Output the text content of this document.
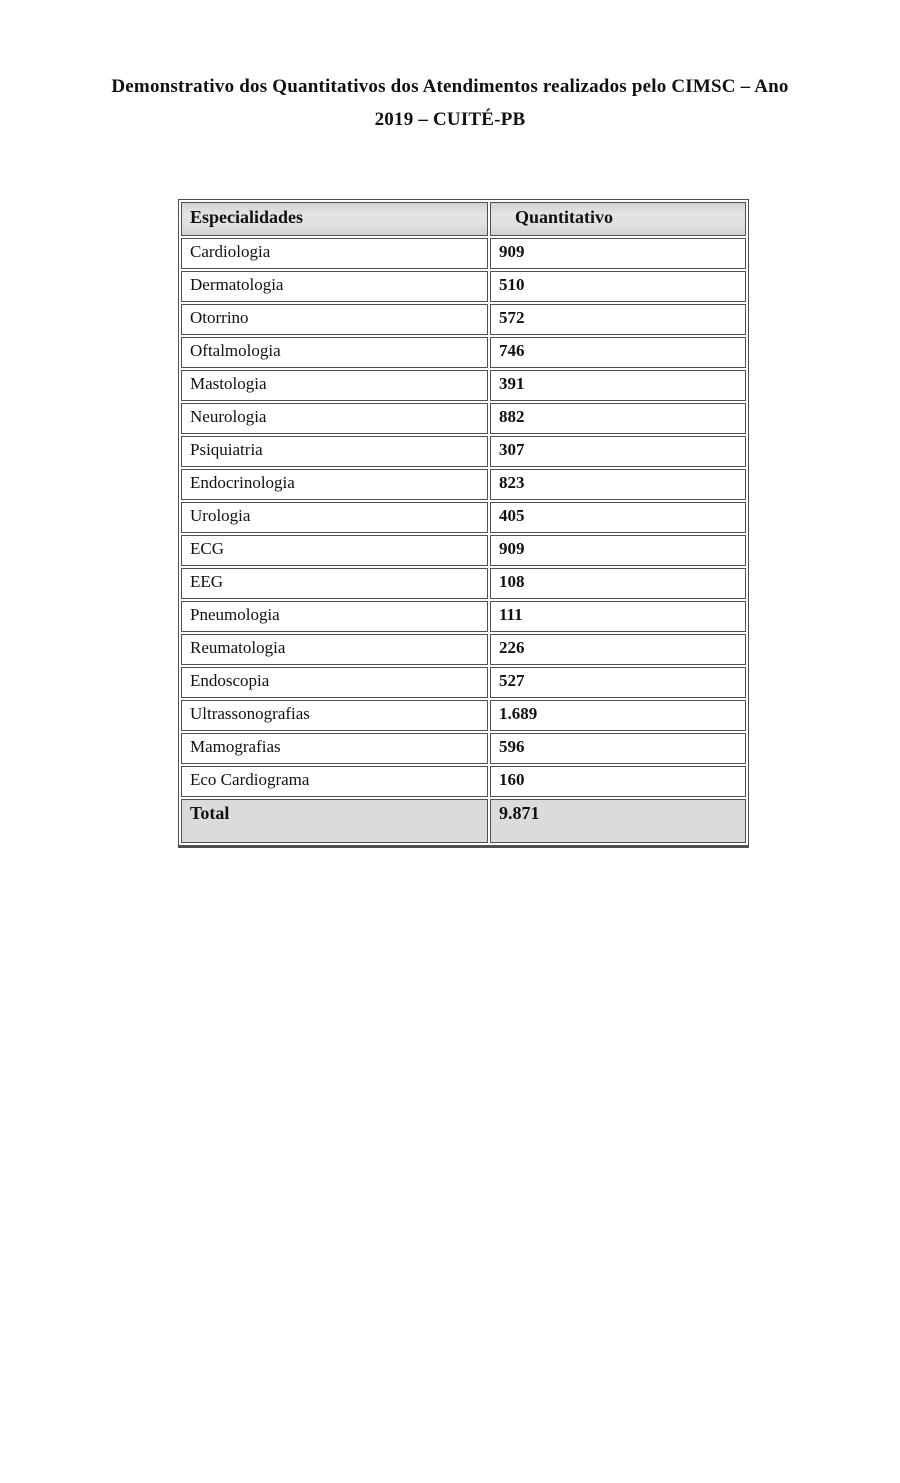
Demonstrativo dos Quantitativos dos Atendimentos realizados pelo CIMSC – Ano
2019 – CUITÉ-PB
Especialidades	Quantitativo
Cardiologia	909
Dermatologia	510
Otorrino	572
Oftalmologia	746
Mastologia	391
Neurologia	882
Psiquiatria	307
Endocrinologia	823
Urologia	405
ECG	909
EEG	108
Pneumologia	111
Reumatologia	226
Endoscopia	527
Ultrassonografias	1.689
Mamografias	596
Eco Cardiograma	160
Total	9.871
